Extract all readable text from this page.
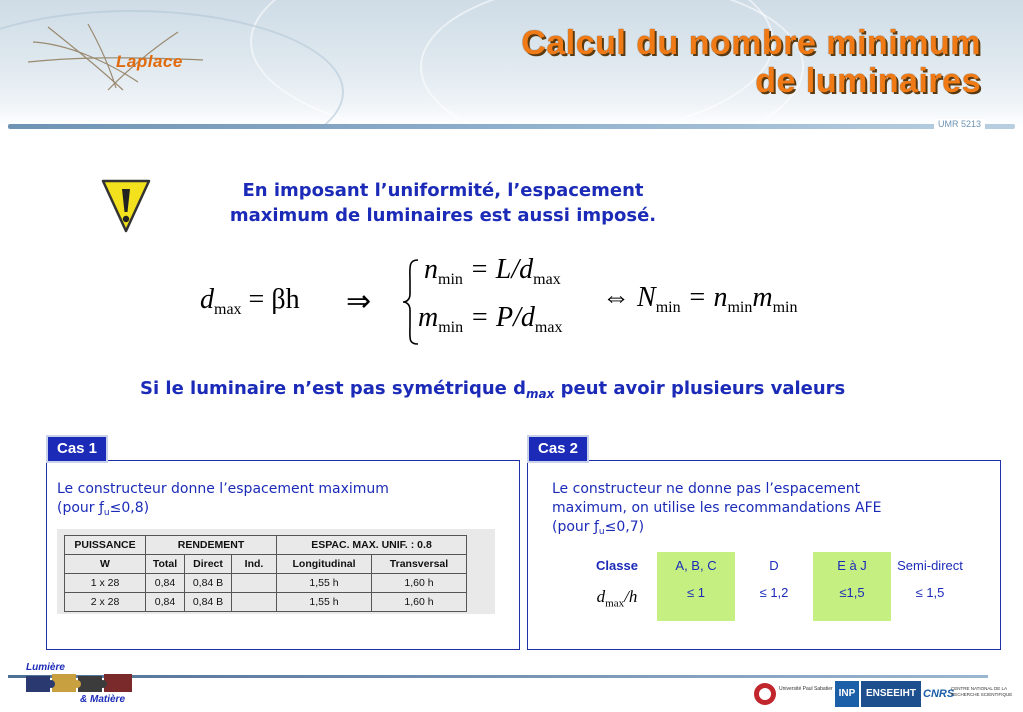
Laplace	Calcul du nombre minimum
de luminaires
UMR 5213
En imposant l’uniformité, l’espacement
maximum de luminaires est aussi imposé.
$d_{max} = \beta h$ ⇒
$n_{min} = L/d_{max}$
$m_{min} = P/d_{max}$
⇔ $N_{min} = n_{min}m_{min}$
Si le luminaire n’est pas symétrique $d_{max}$ peut avoir plusieurs valeurs
Cas 1
Le constructeur donne l’espacement maximum
(pour $ƒ_u\le 0,8$)
PUISSANCE	RENDEMENT			ESPAC. MAX. UNIF. : 0.8	
W	Total	Direct	Ind.	Longitudinal	Transversal
1 x 28	0,84	0,84 B		1,55 h	1,60 h
2 x 28	0,84	0,84 B		1,55 h	1,60 h
Cas 2
Le constructeur ne donne pas l’espacement
maximum, on utilise les recommandations AFE
(pour $ƒ_u\le 0,7$)
Classe	A, B, C	D	E à J	Semi-direct
$d_{max}/h$	≤ 1	≤ 1,2	≤1,5	≤ 1,5
Lumière
& Matière
Université Paul Sabatier INP	ENSEEIHT CNRS
CENTRE NATIONAL DE LA RECHERCHE SCIENTIFIQUE
